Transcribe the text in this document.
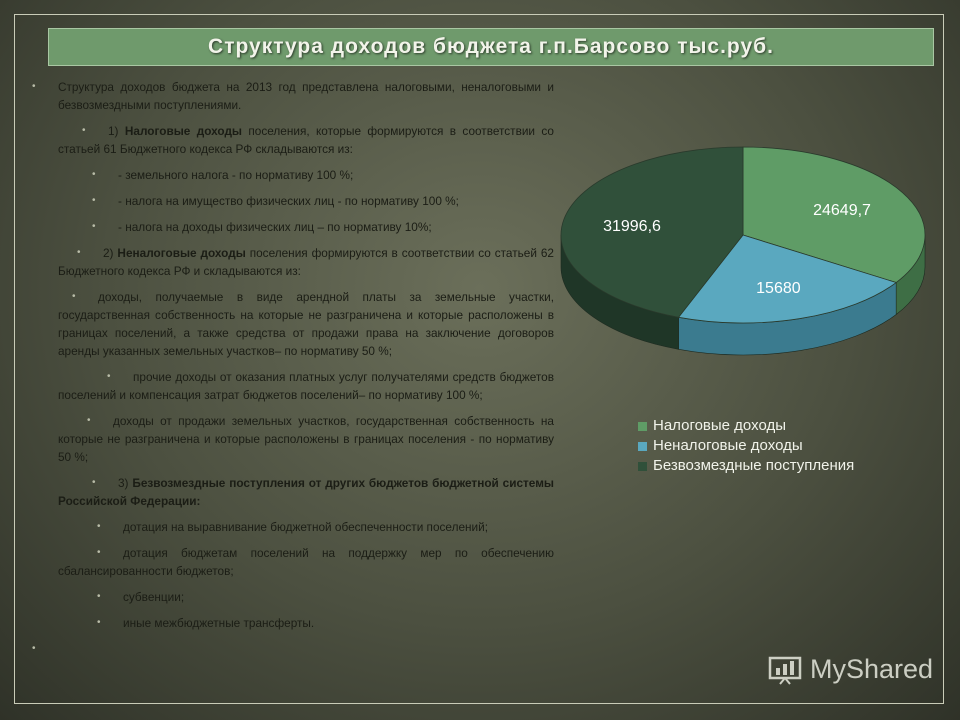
Структура доходов бюджета г.п.Барсово тыс.руб.
• Структура доходов бюджета на 2013 год представлена налоговыми, неналоговыми и безвозмездными поступлениями.
• 1) Налоговые доходы поселения, которые формируются в соответствии со статьей 61 Бюджетного кодекса РФ складываются из:
• - земельного налога - по нормативу 100 %;
• - налога на имущество физических лиц - по нормативу 100 %;
• - налога на доходы физических лиц – по нормативу 10%;
• 2) Неналоговые доходы поселения формируются в соответствии со статьей 62 Бюджетного кодекса РФ и складываются из:
• доходы, получаемые в виде арендной платы за земельные участки, государственная собственность на которые не разграничена и которые расположены в границах поселений, а также средства от продажи права на заключение договоров аренды указанных земельных участков– по нормативу 50 %;
• прочие доходы от оказания платных услуг получателями средств бюджетов поселений и компенсация затрат бюджетов поселений– по нормативу 100 %;
• доходы от продажи земельных участков, государственная собственность на которые не разграничена и которые расположены в границах поселения - по нормативу 50 %;
• 3) Безвозмездные поступления от других бюджетов бюджетной системы Российской Федерации:
• дотация на выравнивание бюджетной обеспеченности поселений;
• дотация бюджетам поселений на поддержку мер по обеспечению сбалансированности бюджетов;
• субвенции;
• иные межбюджетные трансферты.
•
24649,7
15680
31996,6
Налоговые доходы
Неналоговые доходы
Безвозмездные поступления
MyShared
